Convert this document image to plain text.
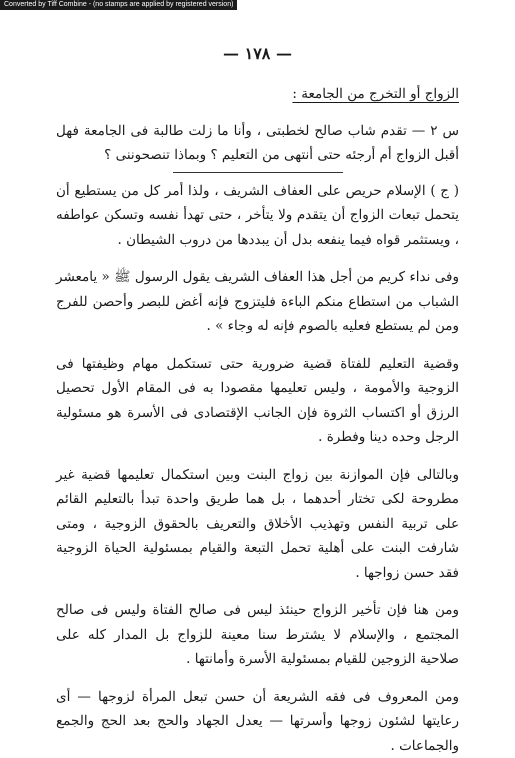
Converted by Tiff Combine - (no stamps are applied by registered version)
— ١٧٨ —

الزواج أو التخرج من الجامعة :

س ٢ — تقدم شاب صالح لخطبتى ، وأنا ما زلت طالبة فى الجامعة فهل أقبل الزواج أم أرجئه حتى أنتهى من التعليم ؟ وبماذا تنصحوننى ؟

( ج ) الإسلام حريص على العفاف الشريف ، ولذا أمر كل من يستطيع أن يتحمل تبعات الزواج أن يتقدم ولا يتأخر ، حتى تهدأ نفسه وتسكن عواطفه ، ويستثمر قواه فيما ينفعه بدل أن يبددها من دروب الشيطان .

وفى نداء كريم من أجل هذا العفاف الشريف يقول الرسول ﷺ « يامعشر الشباب من استطاع منكم الباءة فليتزوج فإنه أغض للبصر وأحصن للفرج ومن لم يستطع فعليه بالصوم فإنه له وجاء » .

وقضية التعليم للفتاة قضية ضرورية حتى تستكمل مهام وظيفتها فى الزوجية والأمومة ، وليس تعليمها مقصودا به فى المقام الأول تحصيل الرزق أو اكتساب الثروة فإن الجانب الإقتصادى فى الأسرة هو مسئولية الرجل وحده دينا وفطرة .

وبالتالى فإن الموازنة بين زواج البنت وبين استكمال تعليمها قضية غير مطروحة لكى تختار أحدهما ، بل هما طريق واحدة تبدأ بالتعليم القائم على تربية النفس وتهذيب الأخلاق والتعريف بالحقوق الزوجية ، ومتى شارفت البنت على أهلية تحمل التبعة والقيام بمسئولية الحياة الزوجية فقد حسن زواجها .

ومن هنا فإن تأخير الزواج حينئذ ليس فى صالح الفتاة وليس فى صالح المجتمع ، والإسلام لا يشترط سنا معينة للزواج بل المدار كله على صلاحية الزوجين للقيام بمسئولية الأسرة وأمانتها .

ومن المعروف فى فقه الشريعة أن حسن تبعل المرأة لزوجها — أى رعايتها لشئون زوجها وأسرتها — يعدل الجهاد والحج بعد الحج والجمع والجماعات .
